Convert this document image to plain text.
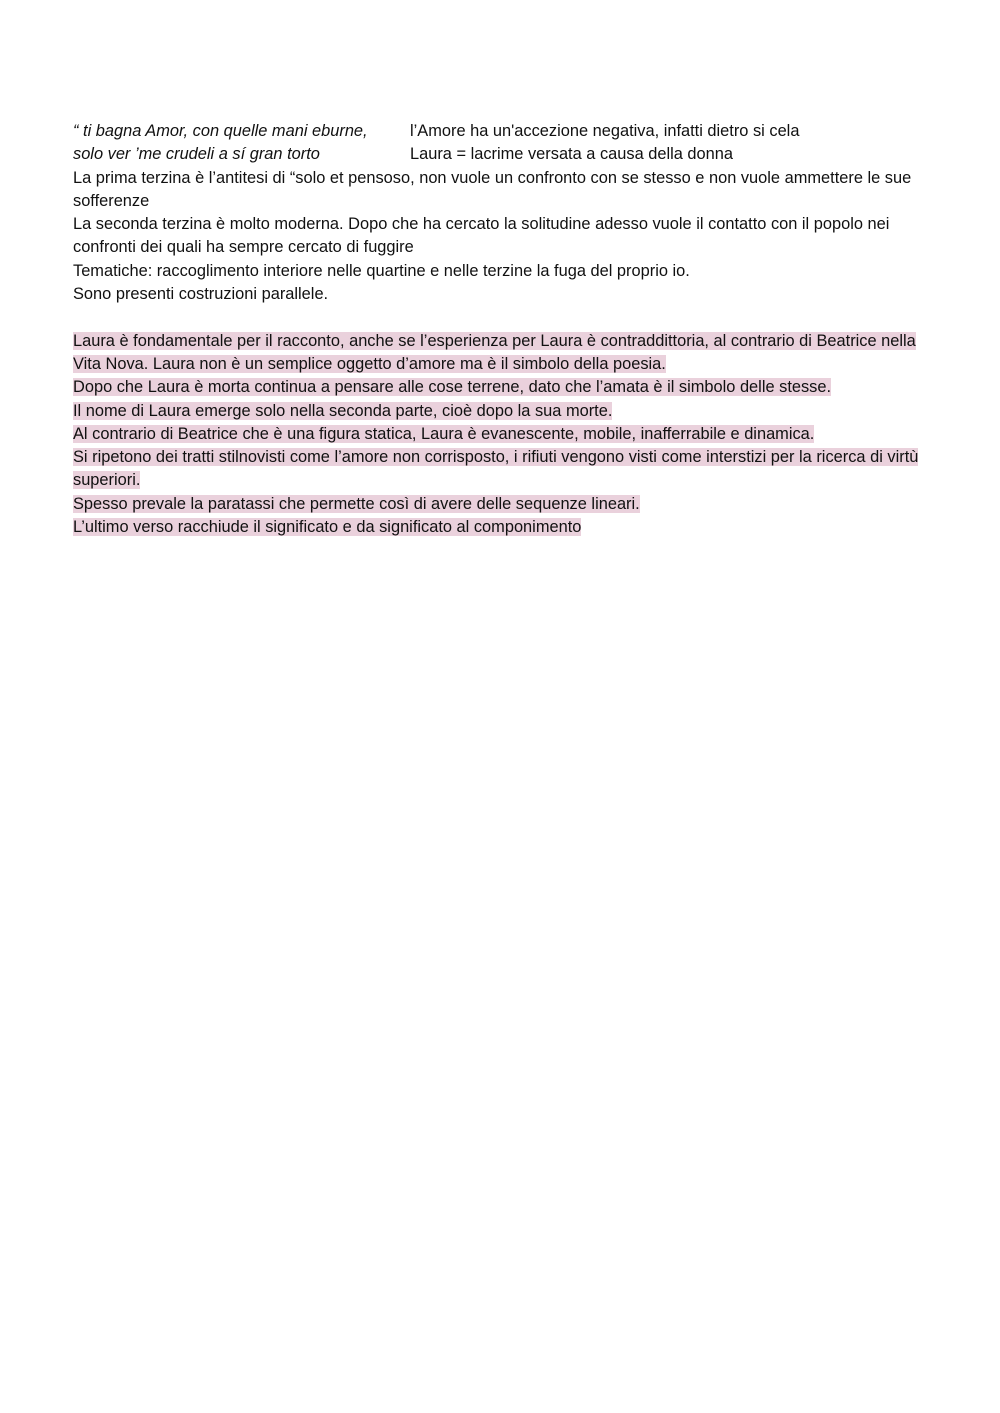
“ ti bagna Amor, con quelle mani eburne,	l’Amore ha un'accezione negativa, infatti dietro si cela
solo ver ’me crudeli a sí gran torto	Laura = lacrime versata a causa della donna
La prima terzina è l’antitesi di “solo et pensoso, non vuole un confronto con se stesso e non vuole ammettere le sue sofferenze
La seconda terzina è molto moderna. Dopo che ha cercato la solitudine adesso vuole il contatto con il popolo nei confronti dei quali ha sempre cercato di fuggire
Tematiche: raccoglimento interiore nelle quartine e nelle terzine la fuga del proprio io.
Sono presenti costruzioni parallele.
Laura è fondamentale per il racconto, anche se l’esperienza per Laura è contraddittoria, al contrario di Beatrice nella Vita Nova. Laura non è un semplice oggetto d’amore ma è il simbolo della poesia.
Dopo che Laura è morta continua a pensare alle cose terrene, dato che l’amata è il simbolo delle stesse.
Il nome di Laura emerge solo nella seconda parte, cioè dopo la sua morte.
Al contrario di Beatrice che è una figura statica, Laura è evanescente, mobile, inafferrabile e dinamica.
Si ripetono dei tratti stilnovisti come l’amore non corrisposto, i rifiuti vengono visti come interstizi per la ricerca di virtù superiori.
Spesso prevale la paratassi che permette così di avere delle sequenze lineari.
L’ultimo verso racchiude il significato e da significato al componimento
